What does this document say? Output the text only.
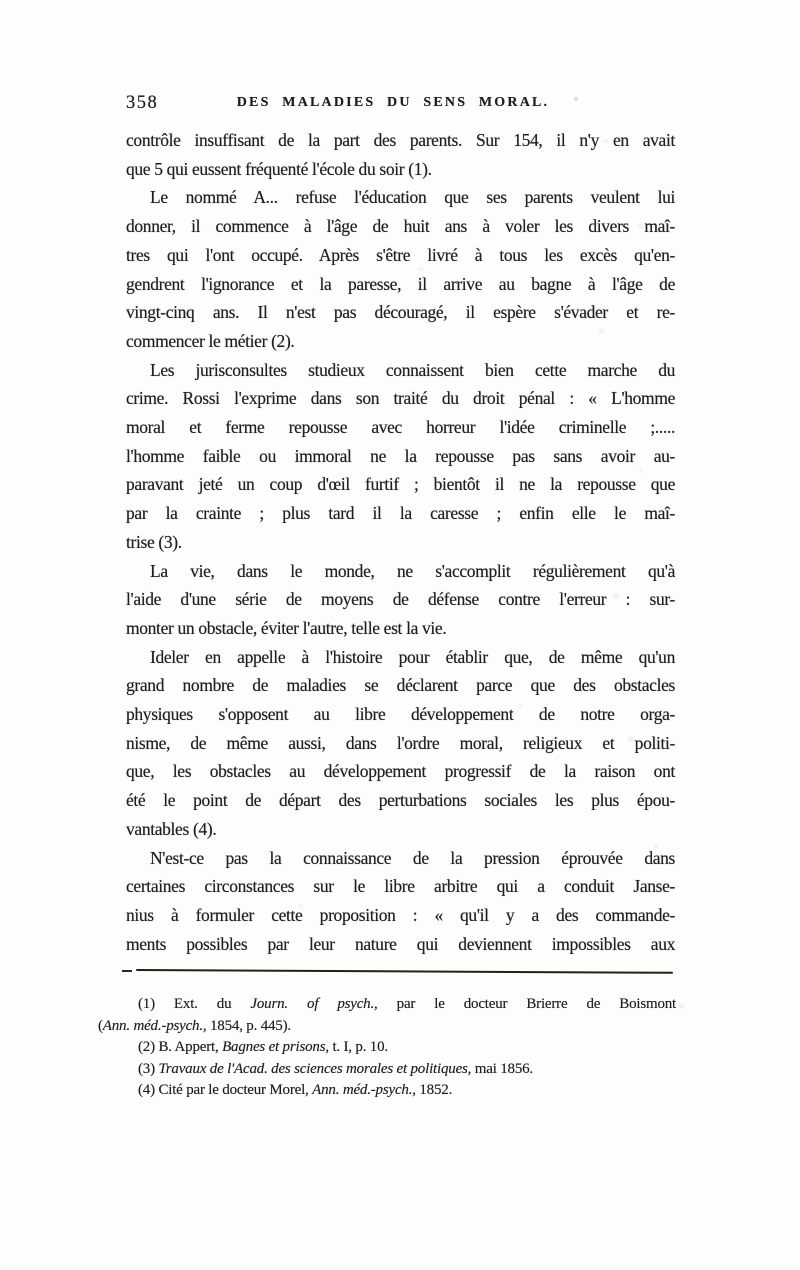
358	DES MALADIES DU SENS MORAL.
contrôle insuffisant de la part des parents. Sur 154, il n'y en avait
que 5 qui eussent fréquenté l'école du soir (1).
Le nommé A... refuse l'éducation que ses parents veulent lui
donner, il commence à l'âge de huit ans à voler les divers maî-
tres qui l'ont occupé. Après s'être livré à tous les excès qu'en-
gendrent l'ignorance et la paresse, il arrive au bagne à l'âge de
vingt-cinq ans. Il n'est pas découragé, il espère s'évader et re-
commencer le métier (2).
Les jurisconsultes studieux connaissent bien cette marche du
crime. Rossi l'exprime dans son traité du droit pénal : « L'homme
moral et ferme repousse avec horreur l'idée criminelle ;.....
l'homme faible ou immoral ne la repousse pas sans avoir au-
paravant jeté un coup d'œil furtif ; bientôt il ne la repousse que
par la crainte ; plus tard il la caresse ; enfin elle le maî-
trise (3).
La vie, dans le monde, ne s'accomplit régulièrement qu'à
l'aide d'une série de moyens de défense contre l'erreur : sur-
monter un obstacle, éviter l'autre, telle est la vie.
Ideler en appelle à l'histoire pour établir que, de même qu'un
grand nombre de maladies se déclarent parce que des obstacles
physiques s'opposent au libre développement de notre orga-
nisme, de même aussi, dans l'ordre moral, religieux et politi-
que, les obstacles au développement progressif de la raison ont
été le point de départ des perturbations sociales les plus épou-
vantables (4).
N'est-ce pas la connaissance de la pression éprouvée dans
certaines circonstances sur le libre arbitre qui a conduit Janse-
nius à formuler cette proposition : « qu'il y a des commande-
ments possibles par leur nature qui deviennent impossibles aux
(1) Ext. du Journ. of psych., par le docteur Brierre de Boismont
(Ann. méd.-psych., 1854, p. 445).
(2) B. Appert, Bagnes et prisons, t. I, p. 10.
(3) Travaux de l'Acad. des sciences morales et politiques, mai 1856.
(4) Cité par le docteur Morel, Ann. méd.-psych., 1852.
